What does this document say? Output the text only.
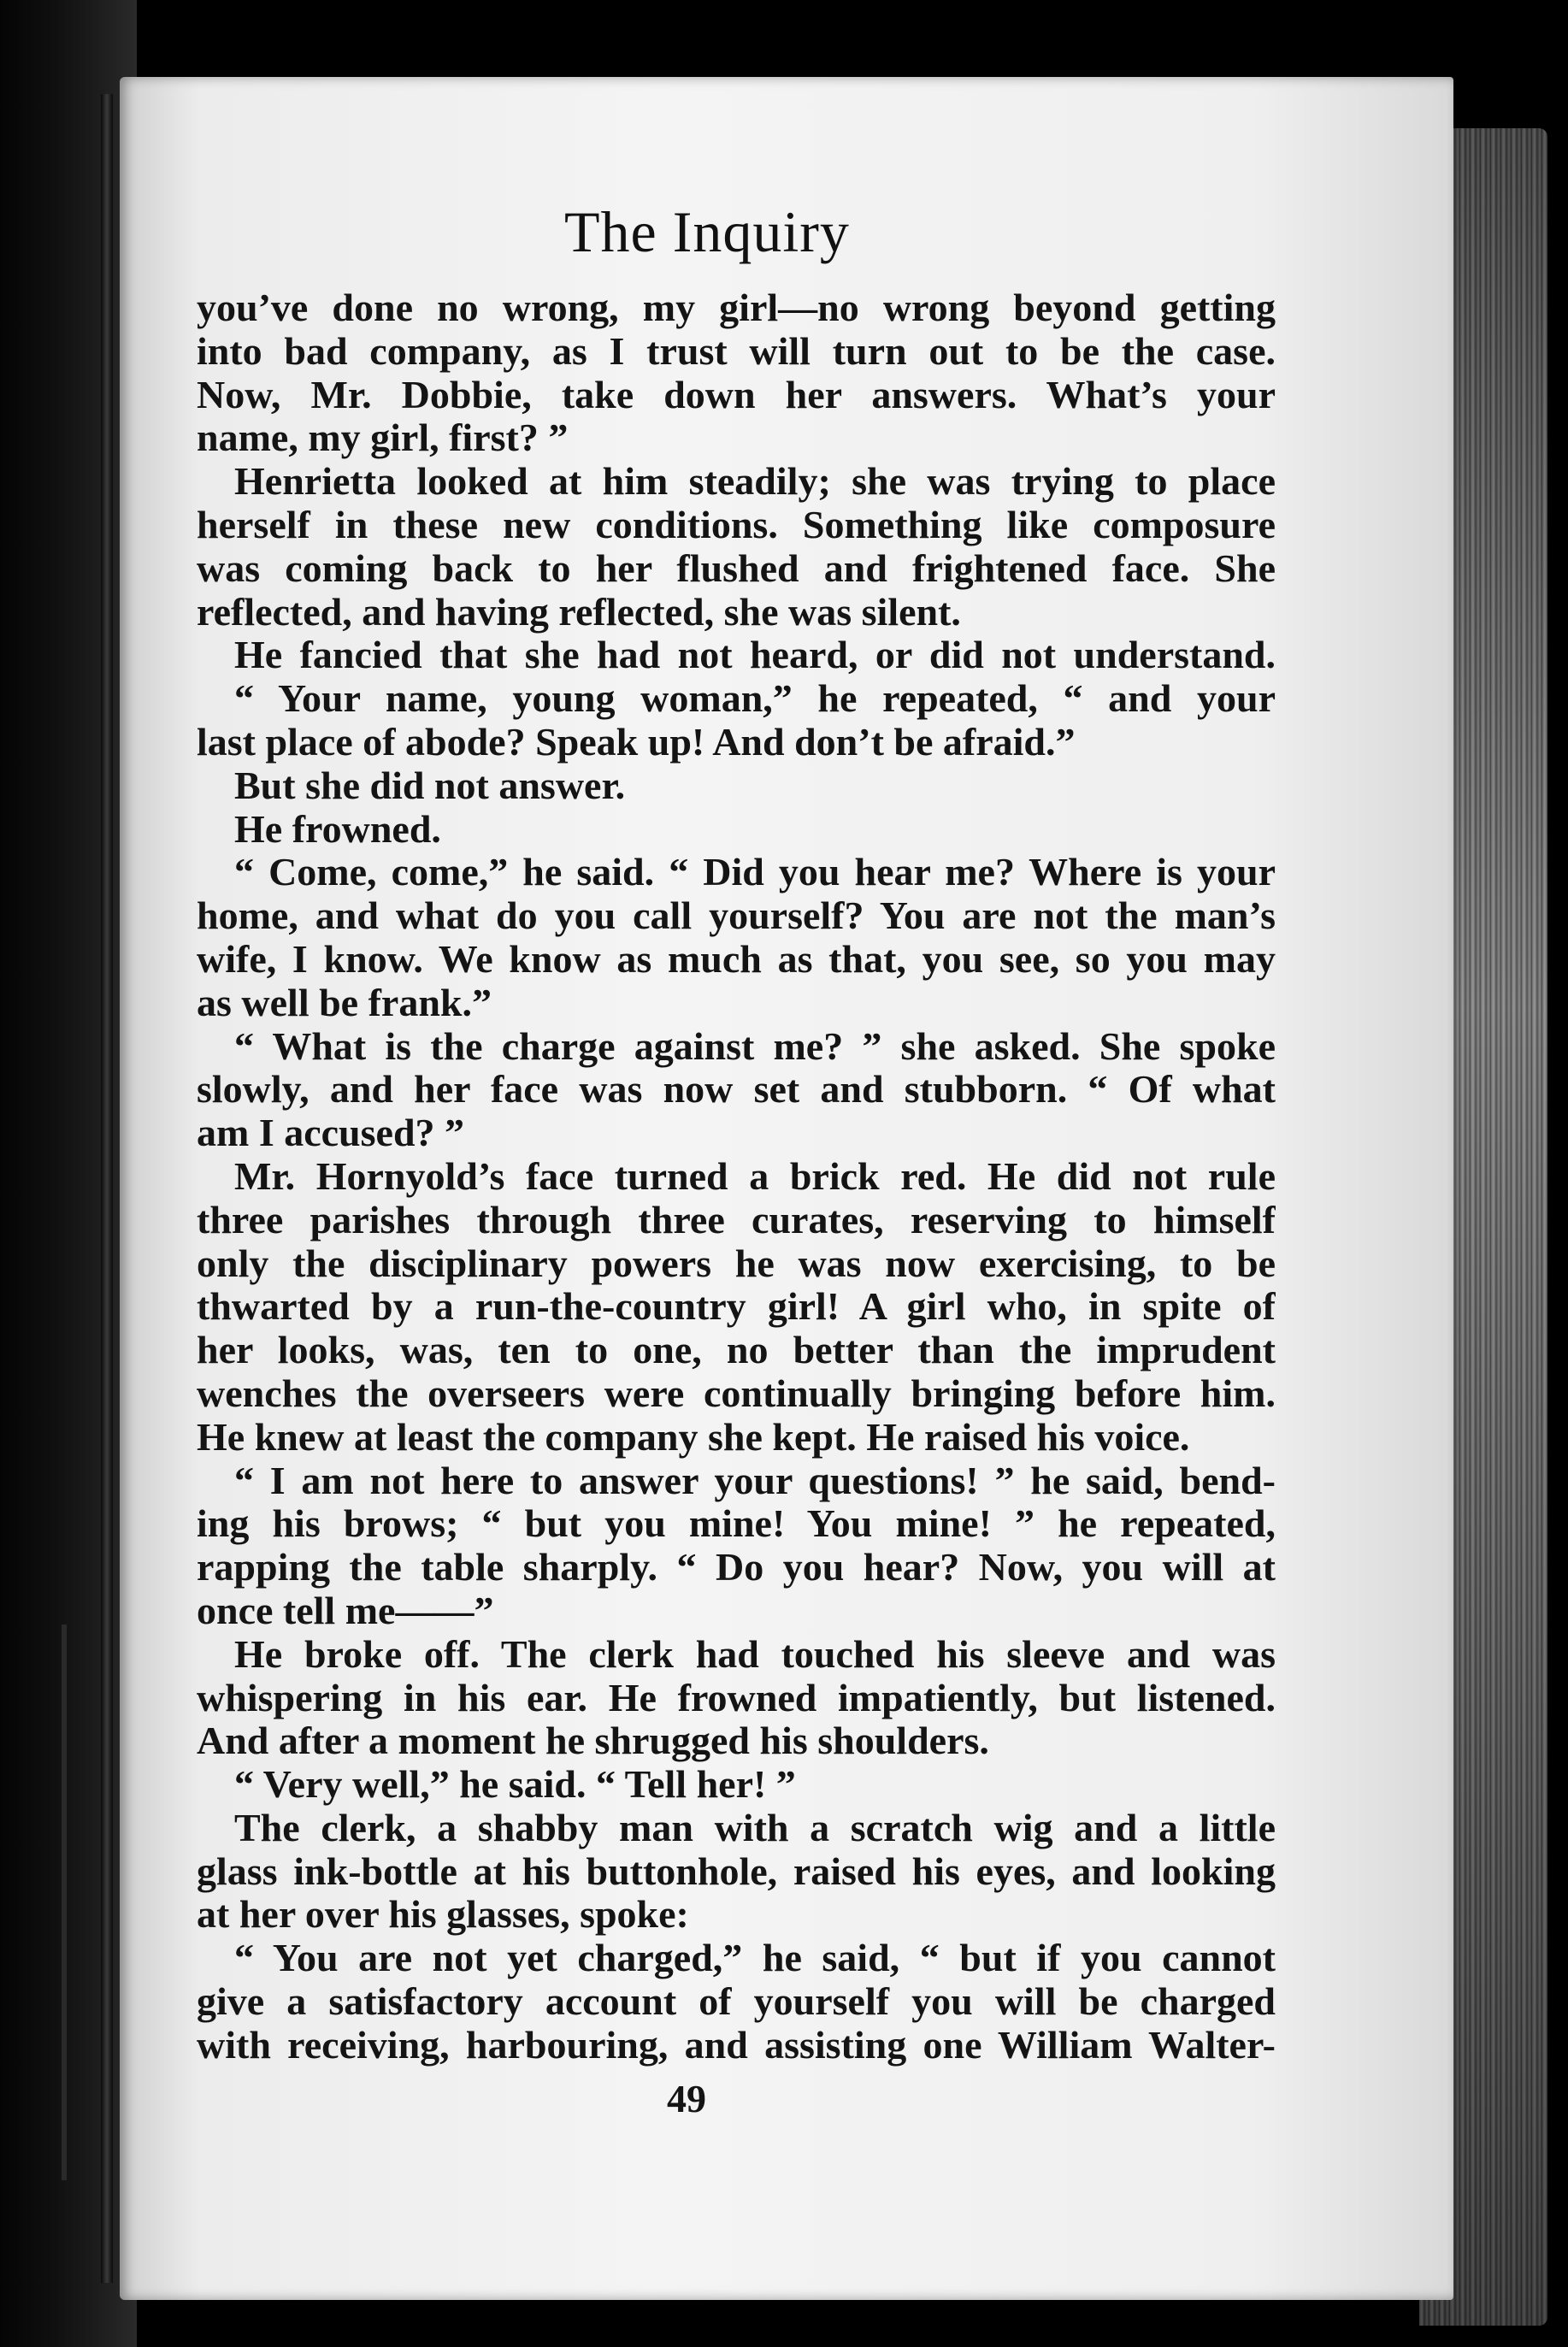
The Inquiry
you’ve done no wrong, my girl—no wrong beyond getting
into bad company, as I trust will turn out to be the case.
Now, Mr. Dobbie, take down her answers. What’s your
name, my girl, first? ”
Henrietta looked at him steadily; she was trying to place
herself in these new conditions. Something like composure
was coming back to her flushed and frightened face. She
reflected, and having reflected, she was silent.
He fancied that she had not heard, or did not understand.
“ Your name, young woman,” he repeated, “ and your
last place of abode? Speak up! And don’t be afraid.”
But she did not answer.
He frowned.
“ Come, come,” he said. “ Did you hear me? Where is your
home, and what do you call yourself? You are not the man’s
wife, I know. We know as much as that, you see, so you may
as well be frank.”
“ What is the charge against me? ” she asked. She spoke
slowly, and her face was now set and stubborn. “ Of what
am I accused? ”
Mr. Hornyold’s face turned a brick red. He did not rule
three parishes through three curates, reserving to himself
only the disciplinary powers he was now exercising, to be
thwarted by a run-the-country girl! A girl who, in spite of
her looks, was, ten to one, no better than the imprudent
wenches the overseers were continually bringing before him.
He knew at least the company she kept. He raised his voice.
“ I am not here to answer your questions! ” he said, bend-
ing his brows; “ but you mine! You mine! ” he repeated,
rapping the table sharply. “ Do you hear? Now, you will at
once tell me——”
He broke off. The clerk had touched his sleeve and was
whispering in his ear. He frowned impatiently, but listened.
And after a moment he shrugged his shoulders.
“ Very well,” he said. “ Tell her! ”
The clerk, a shabby man with a scratch wig and a little
glass ink-bottle at his buttonhole, raised his eyes, and looking
at her over his glasses, spoke:
“ You are not yet charged,” he said, “ but if you cannot
give a satisfactory account of yourself you will be charged
with receiving, harbouring, and assisting one William Walter-
49
